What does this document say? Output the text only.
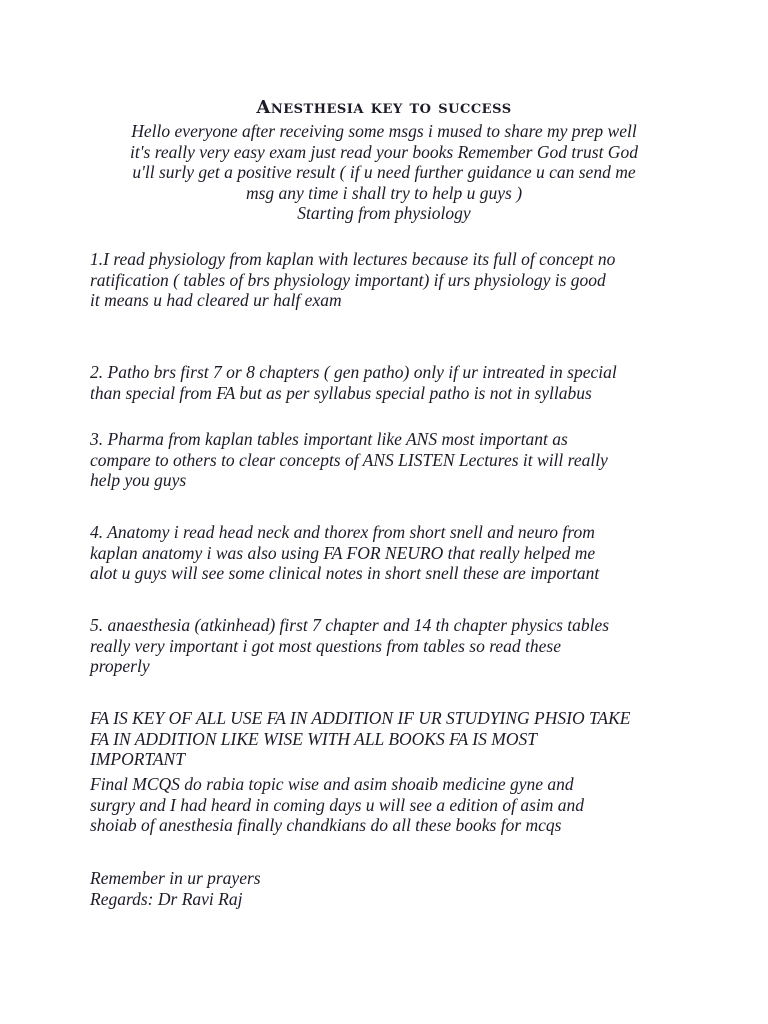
Anesthesia key to success
Hello everyone after receiving some msgs i mused to share my prep well
it's really very easy exam just read your books Remember God trust God
u'll surly get a positive result ( if u need further guidance u can send me
msg any time i shall try to help u guys )
Starting from physiology
1.I read physiology from kaplan with lectures because its full of concept no
ratification ( tables of brs physiology important) if urs physiology is good
it means u had cleared ur half exam
2. Patho brs first 7 or 8 chapters ( gen patho) only if ur intreated in special
than special from FA but as per syllabus special patho is not in syllabus
3. Pharma from kaplan tables important like ANS most important as
compare to others to clear concepts of ANS LISTEN Lectures it will really
help you guys
4. Anatomy i read head neck and thorex from short snell and neuro from
kaplan anatomy i was also using FA FOR NEURO that really helped me
alot u guys will see some clinical notes in short snell these are important
5. anaesthesia (atkinhead) first 7 chapter and 14 th chapter physics tables
really very important i got most questions from tables so read these
properly
FA IS KEY OF ALL USE FA IN ADDITION IF UR STUDYING PHSIO TAKE
FA IN ADDITION LIKE WISE WITH ALL BOOKS FA IS MOST
IMPORTANT
Final MCQS do rabia topic wise and asim shoaib medicine gyne and
surgry and I had heard in coming days u will see a edition of asim and
shoiab of anesthesia finally chandkians do all these books for mcqs
Remember in ur prayers
Regards: Dr Ravi Raj
